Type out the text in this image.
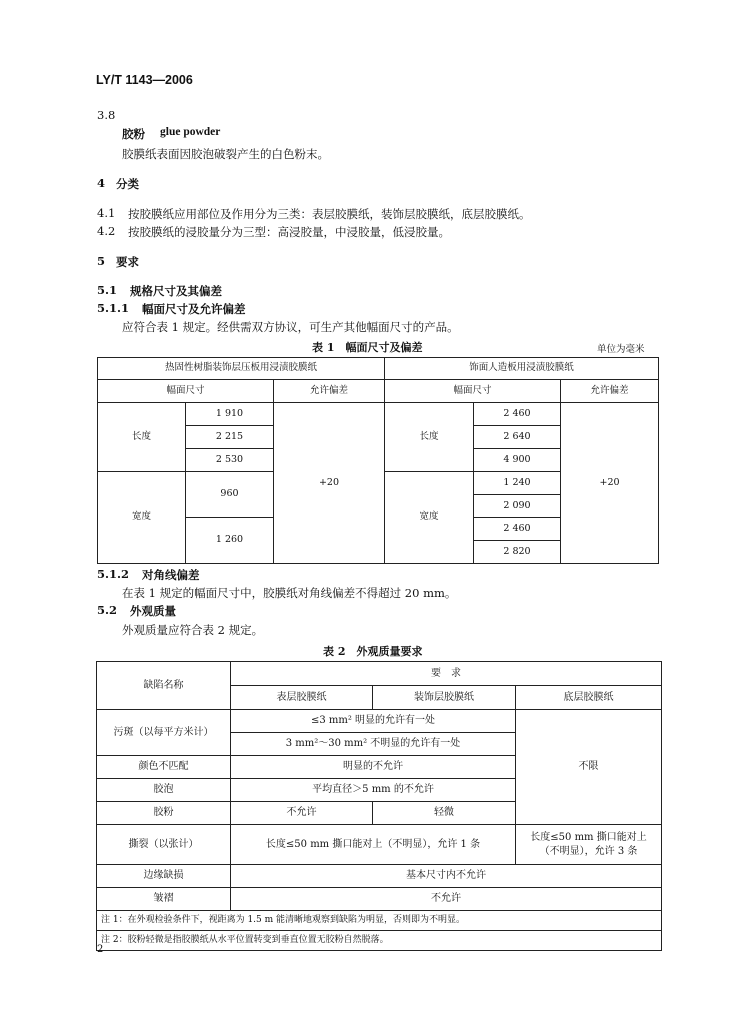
LY/T 1143—2006
3.8
胶粉 glue powder
胶膜纸表面因胶泡破裂产生的白色粉末。
4 分类
4.1 按胶膜纸应用部位及作用分为三类：表层胶膜纸，装饰层胶膜纸，底层胶膜纸。
4.2 按胶膜纸的浸胶量分为三型：高浸胶量，中浸胶量，低浸胶量。
5 要求
5.1 规格尺寸及其偏差
5.1.1 幅面尺寸及允许偏差
应符合表 1 规定。经供需双方协议，可生产其他幅面尺寸的产品。
表 1　幅面尺寸及偏差	单位为毫米
热固性树脂装饰层压板用浸渍胶膜纸			饰面人造板用浸渍胶膜纸		
幅面尺寸		允许偏差	幅面尺寸		允许偏差
长度	1 910	+20	长度	2 460	+20
	2 215			2 640	
	2 530			4 900	
宽度	960		宽度	1 240	
				2 090	
	1 260			2 460	
				2 820	
5.1.2 对角线偏差
在表 1 规定的幅面尺寸中，胶膜纸对角线偏差不得超过 20 mm。
5.2 外观质量
外观质量应符合表 2 规定。
表 2　外观质量要求
缺陷名称	要　求		
	表层胶膜纸	装饰层胶膜纸	底层胶膜纸
污斑（以每平方米计）	≤3 mm² 明显的允许有一处		不限
	3 mm²～30 mm² 不明显的允许有一处		
颜色不匹配	明显的不允许		
胶泡	平均直径＞5 mm 的不允许		
胶粉	不允许	轻微	
撕裂（以张计）	长度≤50 mm 撕口能对上（不明显），允许 1 条		长度≤50 mm 撕口能对上
（不明显），允许 3 条

边缘缺损	基本尺寸内不允许		
皱褶	不允许		
注 1：在外观检验条件下，视距离为 1.5 m 能清晰地观察到缺陷为明显，否则即为不明显。			
注 2：胶粉轻微是指胶膜纸从水平位置转变到垂直位置无胶粉自然脱落。			
2
